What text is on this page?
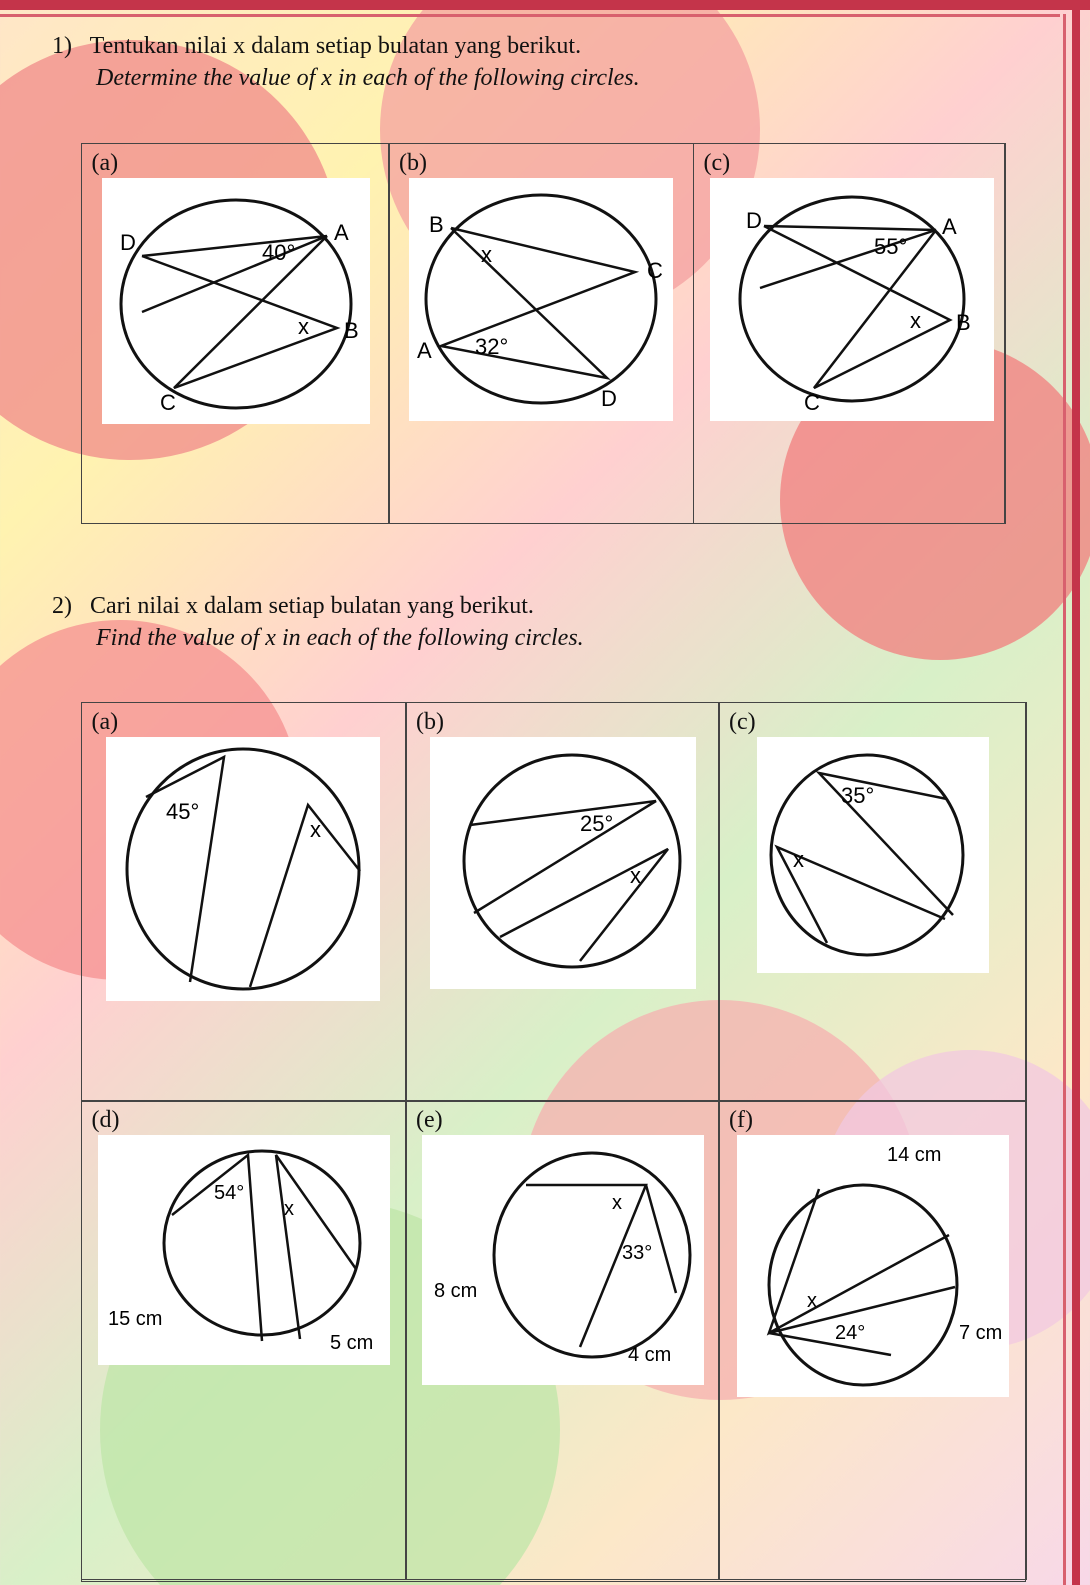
1) Tentukan nilai x dalam setiap bulatan yang berikut.
Determine the value of x in each of the following circles.
(a)
D	A
B
C
40°
x
(b)
B
C
A
D
32°
x
(c)
D	A
B
C
55°
x
2) Cari nilai x dalam setiap bulatan yang berikut.
Find the value of x in each of the following circles.
(a)
45°
x
(b)
25°
x
(c)
35°
x
(d)
54°
x
15 cm
5 cm
(e)
x
33°
8 cm
4 cm
(f)
14 cm
x
24°	7 cm
